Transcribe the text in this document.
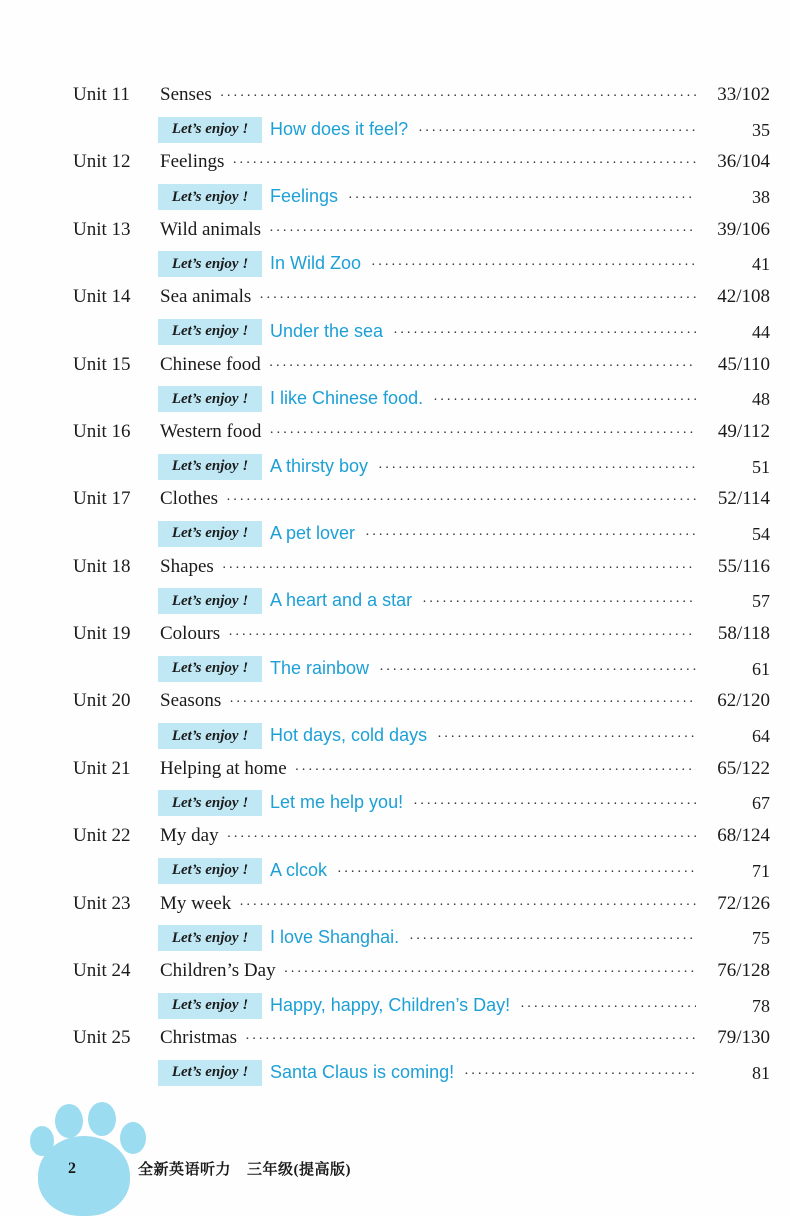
Unit 11 Senses ·····	33/102
Let’s enjoy !	How does it feel? ·····	35
Unit 12 Feelings ·····	36/104
Let’s enjoy !	Feelings ·····	38
Unit 13 Wild animals ·····	39/106
Let’s enjoy !	In Wild Zoo ·····	41
Unit 14 Sea animals ·····	42/108
Let’s enjoy !	Under the sea ·····	44
Unit 15 Chinese food ·····	45/110
Let’s enjoy !	I like Chinese food. ·····	48
Unit 16 Western food ·····	49/112
Let’s enjoy !	A thirsty boy ·····	51
Unit 17 Clothes ·····	52/114
Let’s enjoy !	A pet lover ·····	54
Unit 18 Shapes ·····	55/116
Let’s enjoy !	A heart and a star ·····	57
Unit 19 Colours ·····	58/118
Let’s enjoy !	The rainbow ·····	61
Unit 20 Seasons ·····	62/120
Let’s enjoy !	Hot days, cold days ·····	64
Unit 21 Helping at home ·····	65/122
Let’s enjoy !	Let me help you! ·····	67
Unit 22 My day ·····	68/124
Let’s enjoy !	A clcok ·····	71
Unit 23 My week ·····	72/126
Let’s enjoy !	I love Shanghai. ·····	75
Unit 24 Children’s Day ·····	76/128
Let’s enjoy !	Happy, happy, Children’s Day! ·····	78
Unit 25 Christmas ·····	79/130
Let’s enjoy !	Santa Claus is coming! ·····	81
2	全新英语听力 三年级(提高版)
